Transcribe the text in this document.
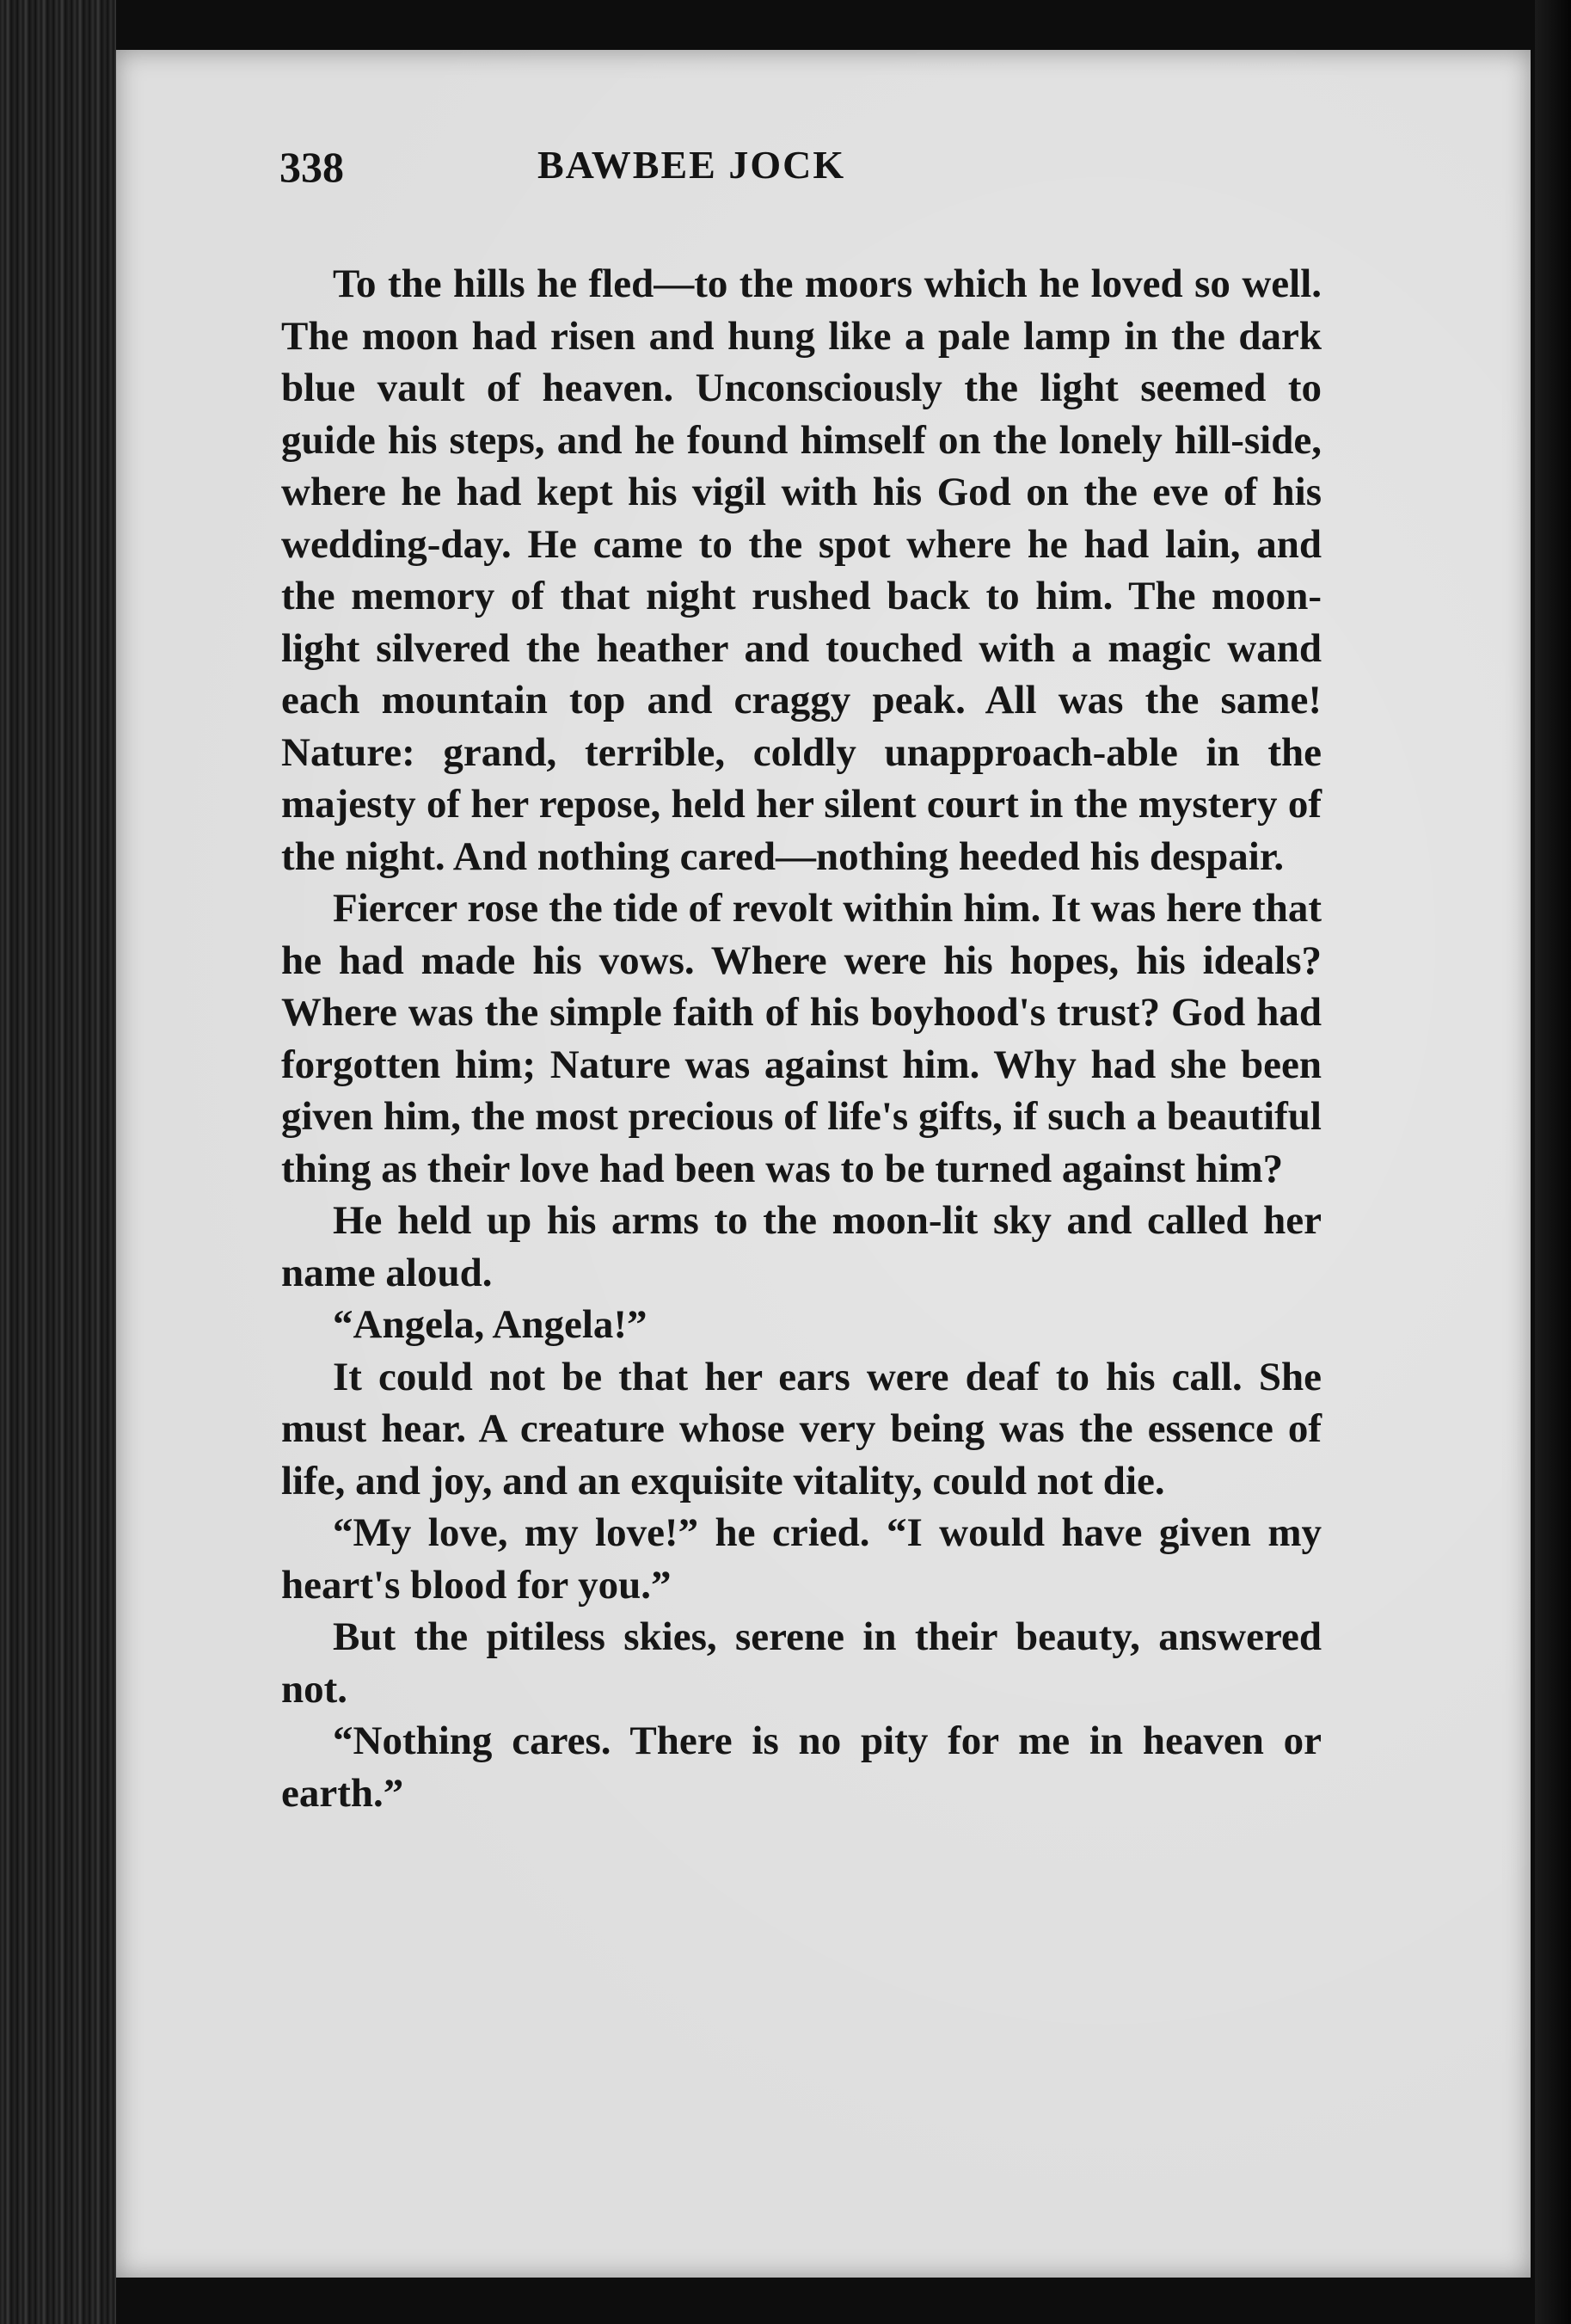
338	BAWBEE JOCK

To the hills he fled—to the moors which he loved so well. The moon had risen and hung like a pale lamp in the dark blue vault of heaven. Unconsciously the light seemed to guide his steps, and he found himself on the lonely hill-side, where he had kept his vigil with his God on the eve of his wedding-day. He came to the spot where he had lain, and the memory of that night rushed back to him. The moon-light silvered the heather and touched with a magic wand each mountain top and craggy peak. All was the same! Nature: grand, terrible, coldly unapproach-able in the majesty of her repose, held her silent court in the mystery of the night. And nothing cared—nothing heeded his despair.

Fiercer rose the tide of revolt within him. It was here that he had made his vows. Where were his hopes, his ideals? Where was the simple faith of his boyhood's trust? God had forgotten him; Nature was against him. Why had she been given him, the most precious of life's gifts, if such a beautiful thing as their love had been was to be turned against him?

He held up his arms to the moon-lit sky and called her name aloud.

“Angela, Angela!”

It could not be that her ears were deaf to his call. She must hear. A creature whose very being was the essence of life, and joy, and an exquisite vitality, could not die.

“My love, my love!” he cried. “I would have given my heart's blood for you.”

But the pitiless skies, serene in their beauty, answered not.

“Nothing cares. There is no pity for me in heaven or earth.”
